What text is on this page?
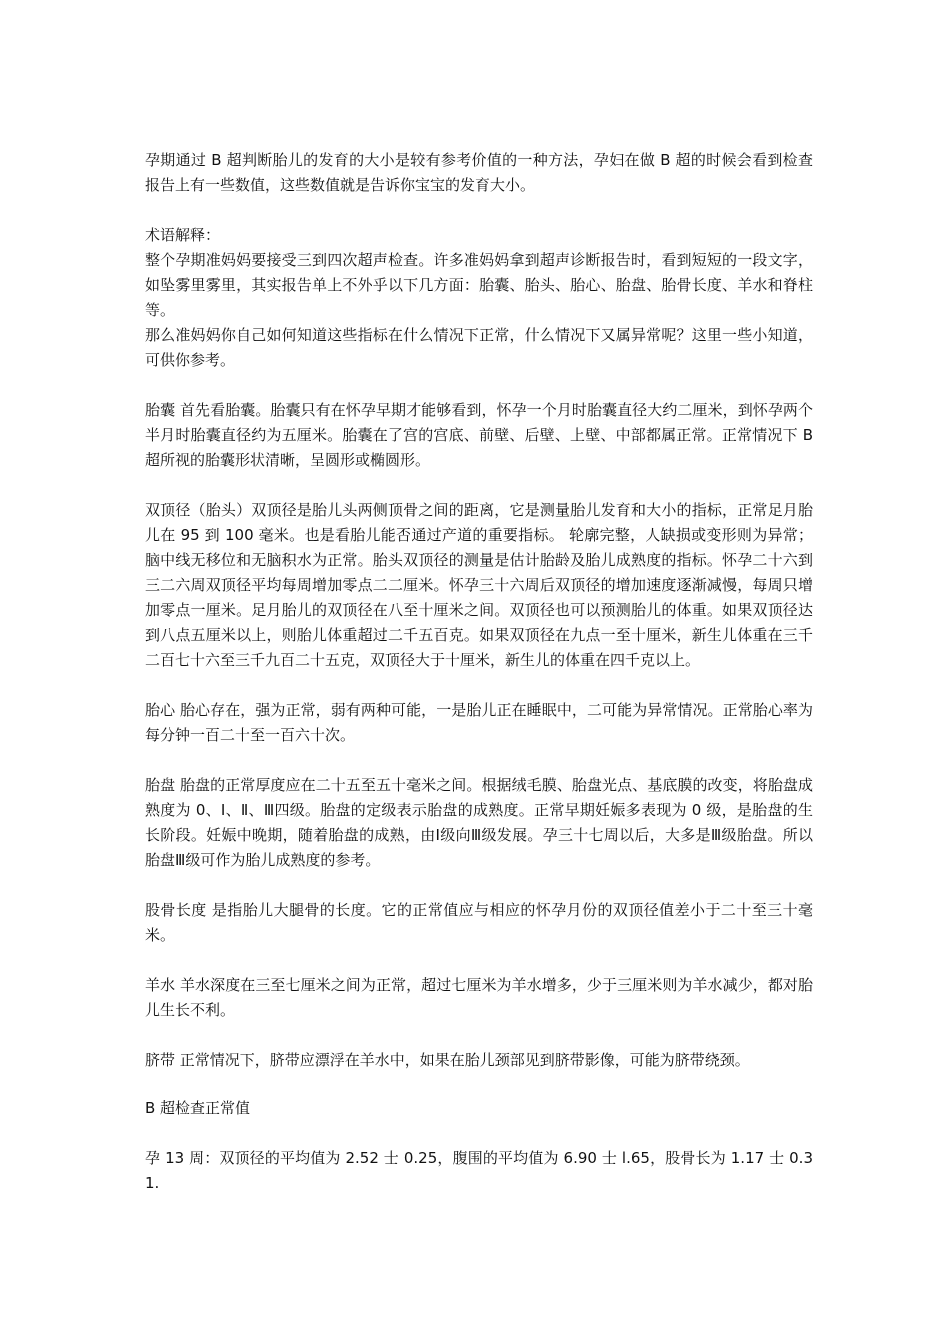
孕期通过 B 超判断胎儿的发育的大小是较有参考价值的一种方法，孕妇在做 B 超的时候会看到检查报告上有一些数值，这些数值就是告诉你宝宝的发育大小。

术语解释：

整个孕期准妈妈要接受三到四次超声检查。许多准妈妈拿到超声诊断报告时，看到短短的一段文字，如坠雾里雾里，其实报告单上不外乎以下几方面：胎囊、胎头、胎心、胎盘、胎骨长度、羊水和脊柱等。

那么准妈妈你自己如何知道这些指标在什么情况下正常，什么情况下又属异常呢？这里一些小知道，可供你参考。

胎囊 首先看胎囊。胎囊只有在怀孕早期才能够看到，怀孕一个月时胎囊直径大约二厘米，到怀孕两个半月时胎囊直径约为五厘米。胎囊在了宫的宫底、前壁、后壁、上壁、中部都属正常。正常情况下 B 超所视的胎囊形状清晰，呈圆形或椭圆形。

双顶径（胎头）双顶径是胎儿头两侧顶骨之间的距离，它是测量胎儿发育和大小的指标，正常足月胎儿在 95 到 100 毫米。也是看胎儿能否通过产道的重要指标。 轮廓完整，人缺损或变形则为异常；脑中线无移位和无脑积水为正常。胎头双顶径的测量是估计胎龄及胎儿成熟度的指标。怀孕二十六到三二六周双顶径平均每周增加零点二二厘米。怀孕三十六周后双顶径的增加速度逐渐减慢，每周只增加零点一厘米。足月胎儿的双顶径在八至十厘米之间。双顶径也可以预测胎儿的体重。如果双顶径达到八点五厘米以上，则胎儿体重超过二千五百克。如果双顶径在九点一至十厘米，新生儿体重在三千二百七十六至三千九百二十五克，双顶径大于十厘米，新生儿的体重在四千克以上。

胎心 胎心存在，强为正常，弱有两种可能，一是胎儿正在睡眠中，二可能为异常情况。正常胎心率为每分钟一百二十至一百六十次。

胎盘 胎盘的正常厚度应在二十五至五十毫米之间。根据绒毛膜、胎盘光点、基底膜的改变，将胎盘成熟度为 0、Ⅰ、Ⅱ、Ⅲ四级。胎盘的定级表示胎盘的成熟度。正常早期妊娠多表现为 0 级，是胎盘的生长阶段。妊娠中晚期，随着胎盘的成熟，由Ⅰ级向Ⅲ级发展。孕三十七周以后，大多是Ⅲ级胎盘。所以胎盘Ⅲ级可作为胎儿成熟度的参考。

股骨长度 是指胎儿大腿骨的长度。它的正常值应与相应的怀孕月份的双顶径值差小于二十至三十毫米。

羊水 羊水深度在三至七厘米之间为正常，超过七厘米为羊水增多，少于三厘米则为羊水减少，都对胎儿生长不利。

脐带 正常情况下，脐带应漂浮在羊水中，如果在胎儿颈部见到脐带影像，可能为脐带绕颈。

B 超检查正常值

孕 13 周：双顶径的平均值为 2.52 士 0.25，腹围的平均值为 6.90 士 l.65，股骨长为 1.17 士 0.31.
